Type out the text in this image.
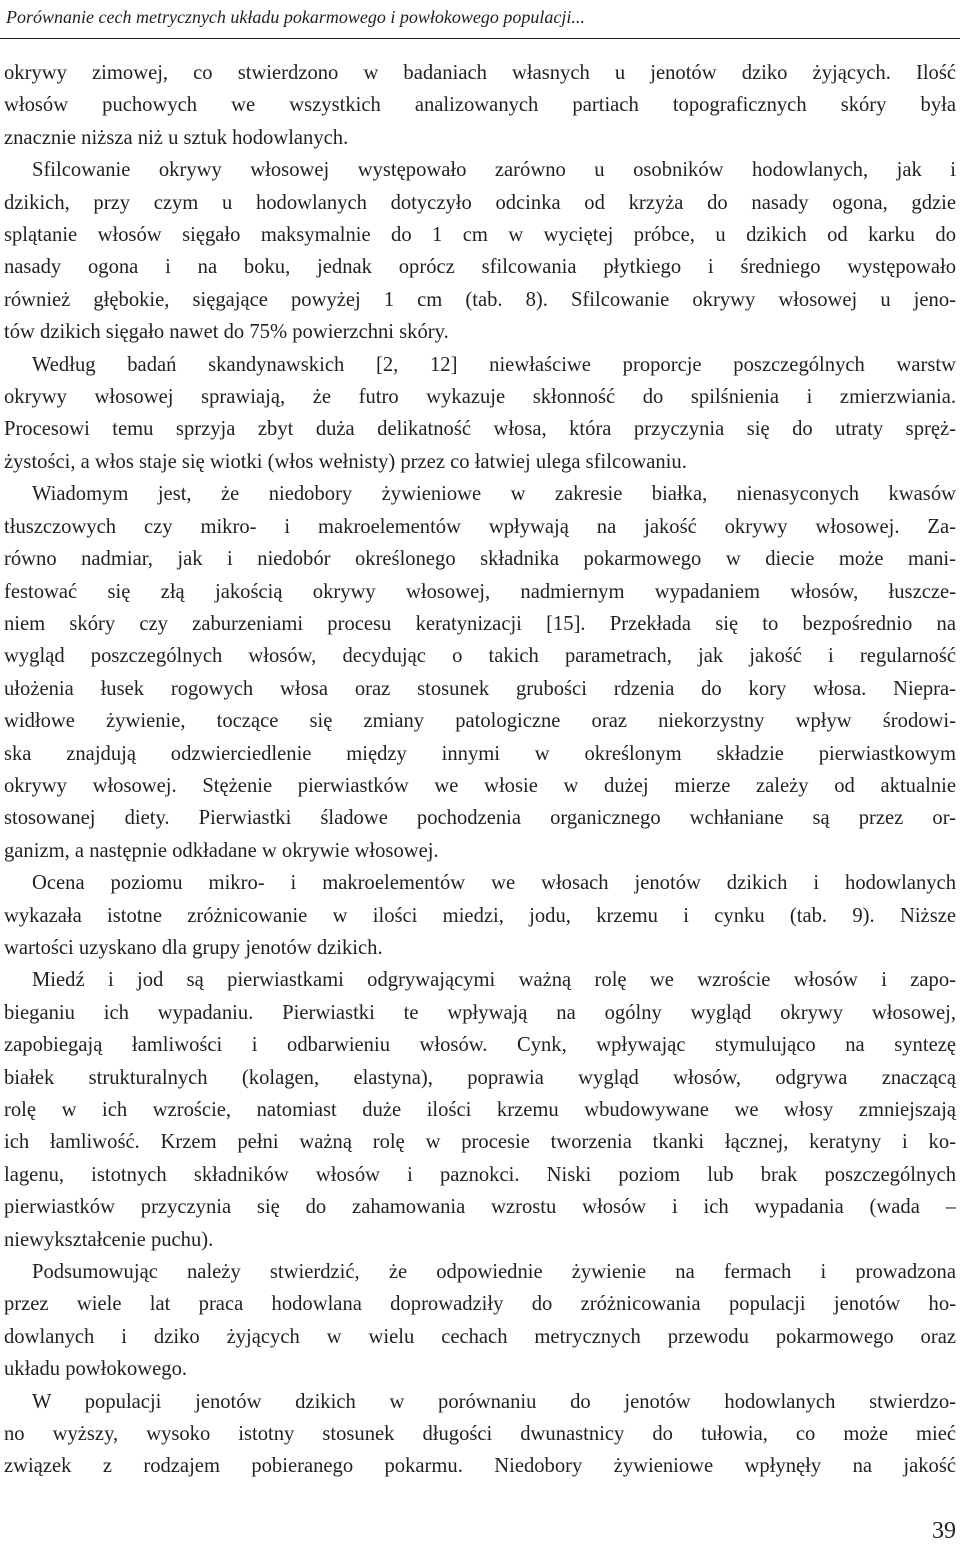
Porównanie cech metrycznych układu pokarmowego i powłokowego populacji...
okrywy zimowej, co stwierdzono w badaniach własnych u jenotów dziko żyjących. Ilość
włosów puchowych we wszystkich analizowanych partiach topograficznych skóry była
znacznie niższa niż u sztuk hodowlanych.
Sfilcowanie okrywy włosowej występowało zarówno u osobników hodowlanych, jak i
dzikich, przy czym u hodowlanych dotyczyło odcinka od krzyża do nasady ogona, gdzie
splątanie włosów sięgało maksymalnie do 1 cm w wyciętej próbce, u dzikich od karku do
nasady ogona i na boku, jednak oprócz sfilcowania płytkiego i średniego występowało
również głębokie, sięgające powyżej 1 cm (tab. 8). Sfilcowanie okrywy włosowej u jeno-
tów dzikich sięgało nawet do 75% powierzchni skóry.
Według badań skandynawskich [2, 12] niewłaściwe proporcje poszczególnych warstw
okrywy włosowej sprawiają, że futro wykazuje skłonność do spilśnienia i zmierzwiania.
Procesowi temu sprzyja zbyt duża delikatność włosa, która przyczynia się do utraty spręż-
żystości, a włos staje się wiotki (włos wełnisty) przez co łatwiej ulega sfilcowaniu.
Wiadomym jest, że niedobory żywieniowe w zakresie białka, nienasyconych kwasów
tłuszczowych czy mikro- i makroelementów wpływają na jakość okrywy włosowej. Za-
równo nadmiar, jak i niedobór określonego składnika pokarmowego w diecie może mani-
festować się złą jakością okrywy włosowej, nadmiernym wypadaniem włosów, łuszcze-
niem skóry czy zaburzeniami procesu keratynizacji [15]. Przekłada się to bezpośrednio na
wygląd poszczególnych włosów, decydując o takich parametrach, jak jakość i regularność
ułożenia łusek rogowych włosa oraz stosunek grubości rdzenia do kory włosa. Niepra-
widłowe żywienie, toczące się zmiany patologiczne oraz niekorzystny wpływ środowi-
ska znajdują odzwierciedlenie między innymi w określonym składzie pierwiastkowym
okrywy włosowej. Stężenie pierwiastków we włosie w dużej mierze zależy od aktualnie
stosowanej diety. Pierwiastki śladowe pochodzenia organicznego wchłaniane są przez or-
ganizm, a następnie odkładane w okrywie włosowej.
Ocena poziomu mikro- i makroelementów we włosach jenotów dzikich i hodowlanych
wykazała istotne zróżnicowanie w ilości miedzi, jodu, krzemu i cynku (tab. 9). Niższe
wartości uzyskano dla grupy jenotów dzikich.
Miedź i jod są pierwiastkami odgrywającymi ważną rolę we wzroście włosów i zapo-
bieganiu ich wypadaniu. Pierwiastki te wpływają na ogólny wygląd okrywy włosowej,
zapobiegają łamliwości i odbarwieniu włosów. Cynk, wpływając stymulująco na syntezę
białek strukturalnych (kolagen, elastyna), poprawia wygląd włosów, odgrywa znaczącą
rolę w ich wzroście, natomiast duże ilości krzemu wbudowywane we włosy zmniejszają
ich łamliwość. Krzem pełni ważną rolę w procesie tworzenia tkanki łącznej, keratyny i ko-
lagenu, istotnych składników włosów i paznokci. Niski poziom lub brak poszczególnych
pierwiastków przyczynia się do zahamowania wzrostu włosów i ich wypadania (wada –
niewykształcenie puchu).
Podsumowując należy stwierdzić, że odpowiednie żywienie na fermach i prowadzona
przez wiele lat praca hodowlana doprowadziły do zróżnicowania populacji jenotów ho-
dowlanych i dziko żyjących w wielu cechach metrycznych przewodu pokarmowego oraz
układu powłokowego.
W populacji jenotów dzikich w porównaniu do jenotów hodowlanych stwierdzo-
no wyższy, wysoko istotny stosunek długości dwunastnicy do tułowia, co może mieć
związek z rodzajem pobieranego pokarmu. Niedobory żywieniowe wpłynęły na jakość
39
